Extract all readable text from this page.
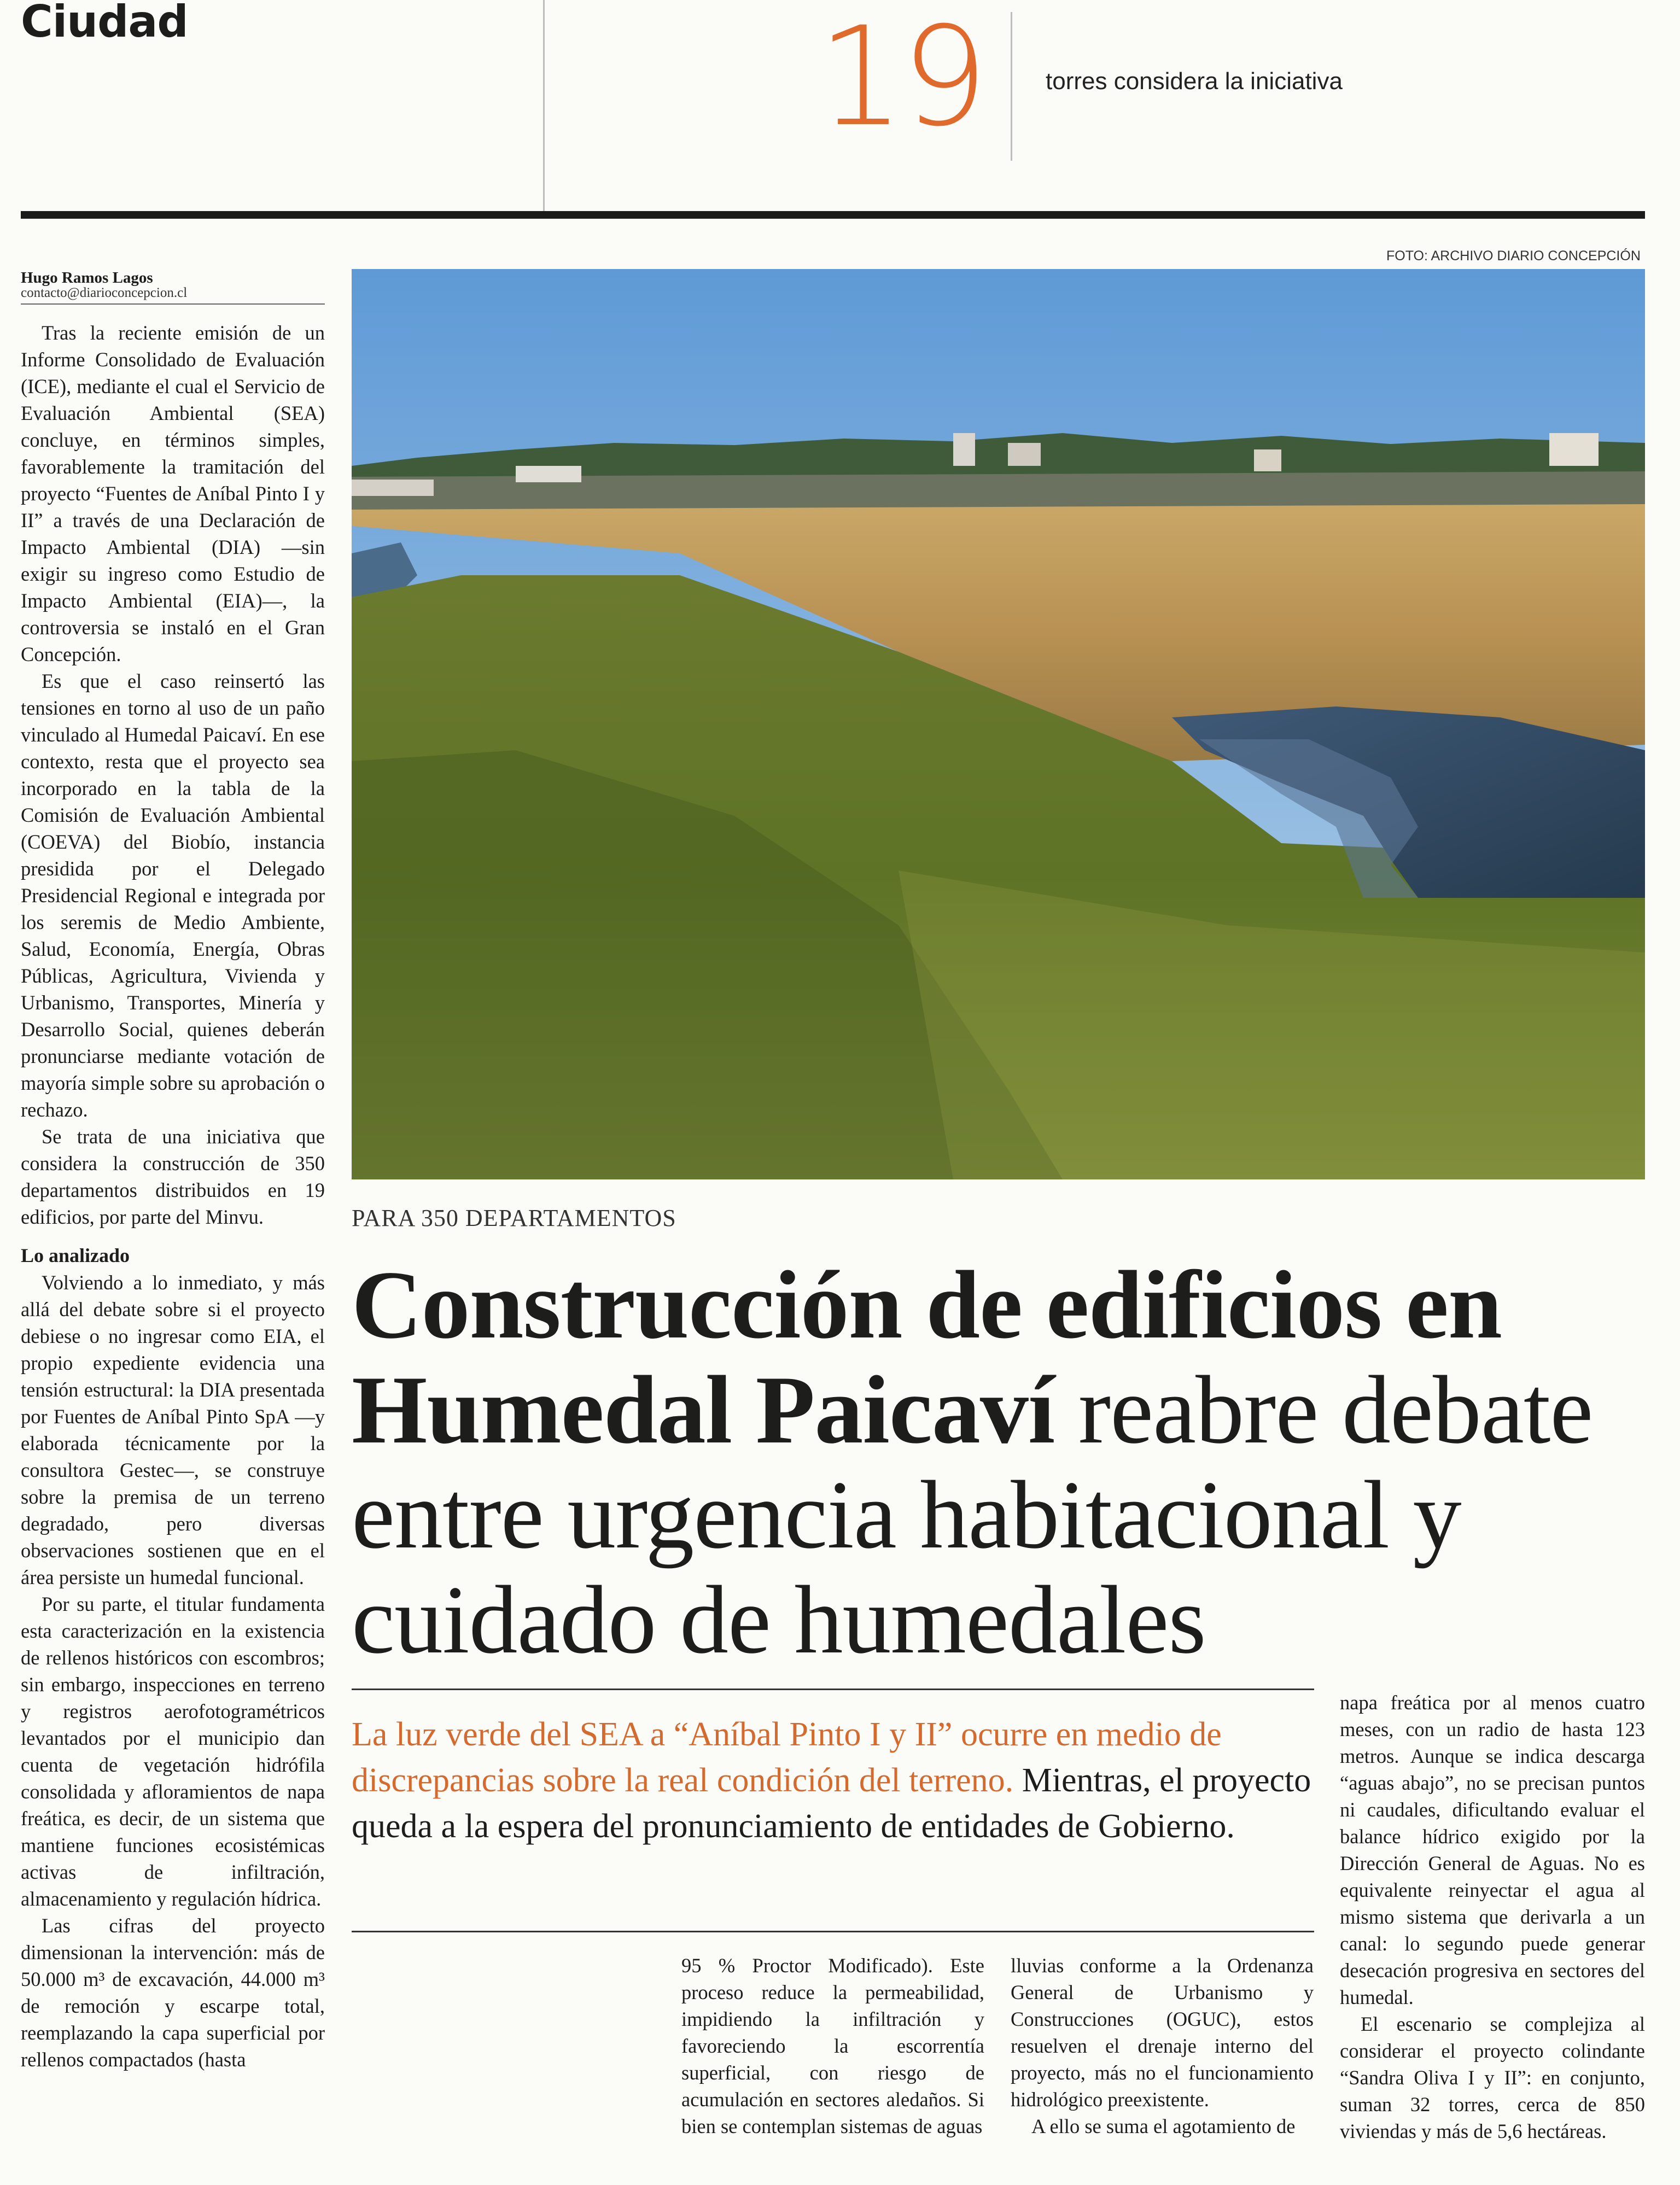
Ciudad	19	torres considera la iniciativa
Hugo Ramos Lagos
contacto@diarioconcepcion.cl

Tras la reciente emisión de un Informe Consolidado de Evaluación (ICE), mediante el cual el Servicio de Evaluación Ambiental (SEA) concluye, en términos simples, favorablemente la tramitación del proyecto “Fuentes de Aníbal Pinto I y II” a través de una Declaración de Impacto Ambiental (DIA) —sin exigir su ingreso como Estudio de Impacto Ambiental (EIA)—, la controversia se instaló en el Gran Concepción.

Es que el caso reinsertó las tensiones en torno al uso de un paño vinculado al Humedal Paicaví. En ese contexto, resta que el proyecto sea incorporado en la tabla de la Comisión de Evaluación Ambiental (COEVA) del Biobío, instancia presidida por el Delegado Presidencial Regional e integrada por los seremis de Medio Ambiente, Salud, Economía, Energía, Obras Públicas, Agricultura, Vivienda y Urbanismo, Transportes, Minería y Desarrollo Social, quienes deberán pronunciarse mediante votación de mayoría simple sobre su aprobación o rechazo.

Se trata de una iniciativa que considera la construcción de 350 departamentos distribuidos en 19 edificios, por parte del Minvu.

Lo analizado

Volviendo a lo inmediato, y más allá del debate sobre si el proyecto debiese o no ingresar como EIA, el propio expediente evidencia una tensión estructural: la DIA presentada por Fuentes de Aníbal Pinto SpA —y elaborada técnicamente por la consultora Gestec—, se construye sobre la premisa de un terreno degradado, pero diversas observaciones sostienen que en el área persiste un humedal funcional.

Por su parte, el titular fundamenta esta caracterización en la existencia de rellenos históricos con escombros; sin embargo, inspecciones en terreno y registros aerofotogramétricos levantados por el municipio dan cuenta de vegetación hidrófila consolidada y afloramientos de napa freática, es decir, de un sistema que mantiene funciones ecosistémicas activas de infiltración, almacenamiento y regulación hídrica.

Las cifras del proyecto dimensionan la intervención: más de 50.000 m³ de excavación, 44.000 m³ de remoción y escarpe total, reemplazando la capa superficial por rellenos compactados (hasta

FOTO: ARCHIVO DIARIO CONCEPCIÓN
PARA 350 DEPARTAMENTOS
Construcción de edificios en Humedal Paicaví reabre debate entre urgencia habitacional y cuidado de humedales
La luz verde del SEA a “Aníbal Pinto I y II” ocurre en medio de discrepancias sobre la real condición del terreno. Mientras, el proyecto queda a la espera del pronunciamiento de entidades de Gobierno.

95 % Proctor Modificado). Este proceso reduce la permeabilidad, impidiendo la infiltración y favoreciendo la escorrentía superficial, con riesgo de acumulación en sectores aledaños. Si bien se contemplan sistemas de aguas

lluvias conforme a la Ordenanza General de Urbanismo y Construcciones (OGUC), estos resuelven el drenaje interno del proyecto, más no el funcionamiento hidrológico preexistente.

A ello se suma el agotamiento de

napa freática por al menos cuatro meses, con un radio de hasta 123 metros. Aunque se indica descarga “aguas abajo”, no se precisan puntos ni caudales, dificultando evaluar el balance hídrico exigido por la Dirección General de Aguas. No es equivalente reinyectar el agua al mismo sistema que derivarla a un canal: lo segundo puede generar desecación progresiva en sectores del humedal.

El escenario se complejiza al considerar el proyecto colindante “Sandra Oliva I y II”: en conjunto, suman 32 torres, cerca de 850 viviendas y más de 5,6 hectáreas.
